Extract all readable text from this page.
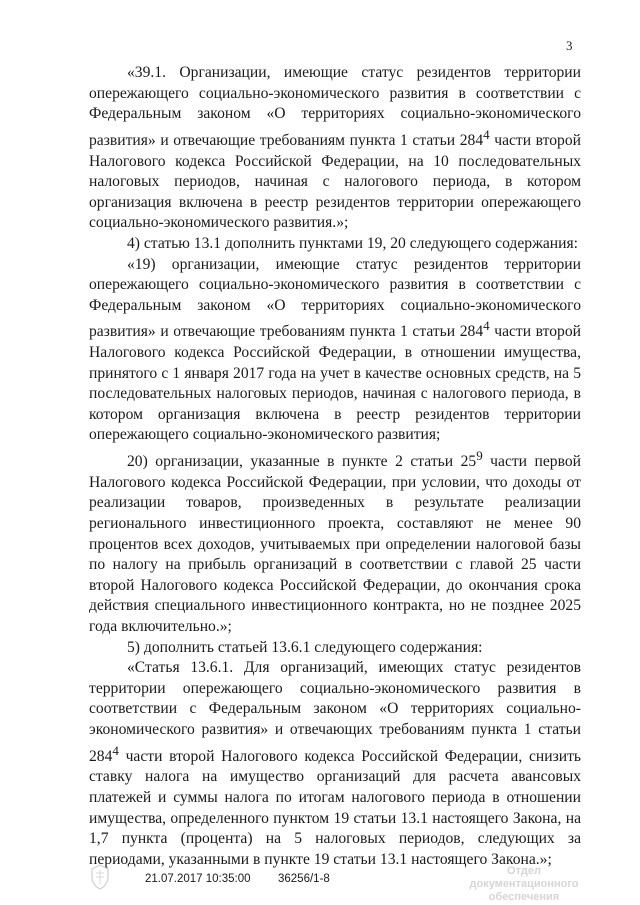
3

«39.1. Организации, имеющие статус резидентов территории опережающего социально-экономического развития в соответствии с Федеральным законом «О территориях социально-экономического развития» и отвечающие требованиям пункта 1 статьи $284^4$ части второй Налогового кодекса Российской Федерации, на 10 последовательных налоговых периодов, начиная с налогового периода, в котором организация включена в реестр резидентов территории опережающего социально-экономического развития.»;

4) статью 13.1 дополнить пунктами 19, 20 следующего содержания:

«19) организации, имеющие статус резидентов территории опережающего социально-экономического развития в соответствии с Федеральным законом «О территориях социально-экономического развития» и отвечающие требованиям пункта 1 статьи $284^4$ части второй Налогового кодекса Российской Федерации, в отношении имущества, принятого с 1 января 2017 года на учет в качестве основных средств, на 5 последовательных налоговых периодов, начиная с налогового периода, в котором организация включена в реестр резидентов территории опережающего социально-экономического развития;

20) организации, указанные в пункте 2 статьи $25^9$ части первой Налогового кодекса Российской Федерации, при условии, что доходы от реализации товаров, произведенных в результате реализации регионального инвестиционного проекта, составляют не менее 90 процентов всех доходов, учитываемых при определении налоговой базы по налогу на прибыль организаций в соответствии с главой 25 части второй Налогового кодекса Российской Федерации, до окончания срока действия специального инвестиционного контракта, но не позднее 2025 года включительно.»;

5) дополнить статьей 13.6.1 следующего содержания:

«Статья 13.6.1. Для организаций, имеющих статус резидентов территории опережающего социально-экономического развития в соответствии с Федеральным законом «О территориях социально-экономического развития» и отвечающих требованиям пункта 1 статьи $284^4$ части второй Налогового кодекса Российской Федерации, снизить ставку налога на имущество организаций для расчета авансовых платежей и суммы налога по итогам налогового периода в отношении имущества, определенного пунктом 19 статьи 13.1 настоящего Закона, на 1,7 пункта (процента) на 5 налоговых периодов, следующих за периодами, указанными в пункте 19 статьи 13.1 настоящего Закона.»;

21.07.2017 10:35:00 36256/1-8
Отдел документационного
обеспечения
